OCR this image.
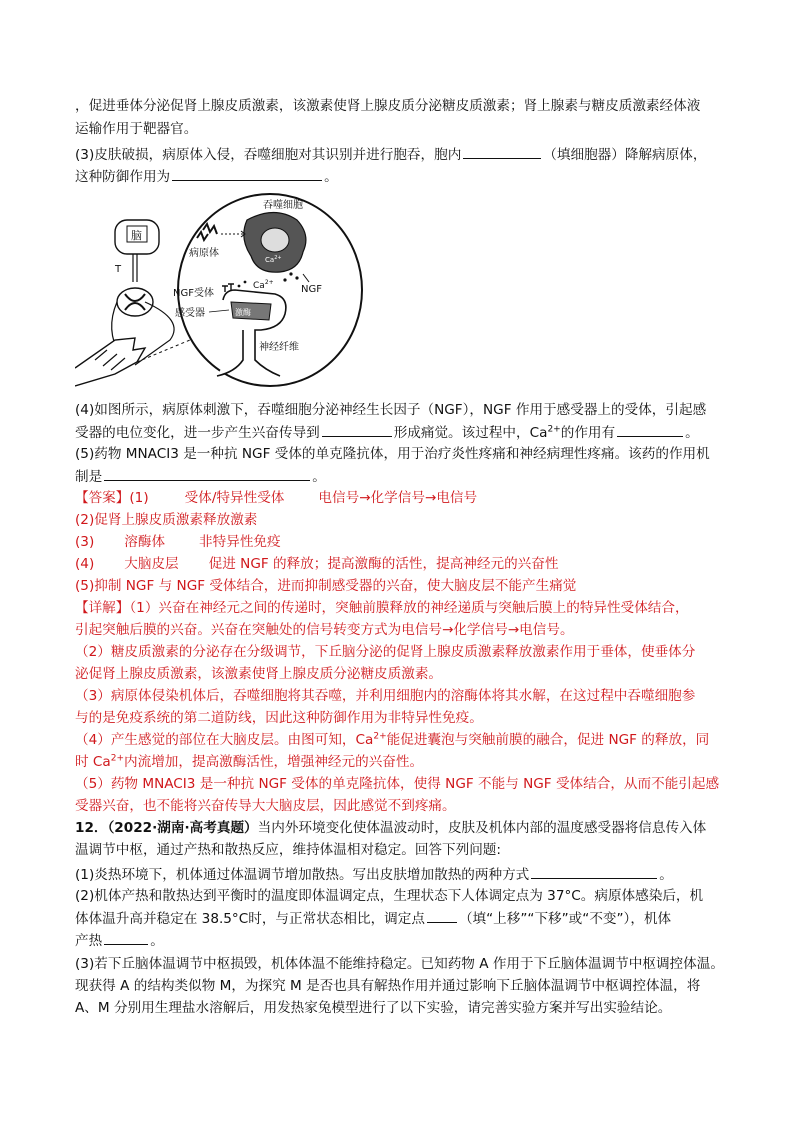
，促进垂体分泌促肾上腺皮质激素，该激素使肾上腺皮质分泌糖皮质激素；肾上腺素与糖皮质激素经体液
运输作用于靶器官。
(3)皮肤破损，病原体入侵，吞噬细胞对其识别并进行胞吞，胞内	（填细胞器）降解病原体，
这种防御作用为	。
脑
T
吞噬细胞
$Ca^{2+}$
病原体
NGF
$Ca^{2+}$
激酶
NGF受体
感受器
神经纤维
(4)如图所示，病原体刺激下，吞噬细胞分泌神经生长因子（NGF），NGF 作用于感受器上的受体，引起感
受器的电位变化，进一步产生兴奋传导到	形成痛觉。该过程中，$Ca^{2+}$的作用有	。
(5)药物 MNACI3 是一种抗 NGF 受体的单克隆抗体，用于治疗炎性疼痛和神经病理性疼痛。该药的作用机
制是	。
【答案】(1)	受体/特异性受体	电信号→化学信号→电信号
(2)促肾上腺皮质激素释放激素
(3) 溶酶体	非特异性免疫
(4) 大脑皮层 促进 NGF 的释放；提高激酶的活性，提高神经元的兴奋性
(5)抑制 NGF 与 NGF 受体结合，进而抑制感受器的兴奋，使大脑皮层不能产生痛觉
【详解】（1）兴奋在神经元之间的传递时，突触前膜释放的神经递质与突触后膜上的特异性受体结合，
引起突触后膜的兴奋。兴奋在突触处的信号转变方式为电信号→化学信号→电信号。
（2）糖皮质激素的分泌存在分级调节，下丘脑分泌的促肾上腺皮质激素释放激素作用于垂体，使垂体分
泌促肾上腺皮质激素，该激素使肾上腺皮质分泌糖皮质激素。
（3）病原体侵染机体后，吞噬细胞将其吞噬，并利用细胞内的溶酶体将其水解，在这过程中吞噬细胞参
与的是免疫系统的第二道防线，因此这种防御作用为非特异性免疫。
（4）产生感觉的部位在大脑皮层。由图可知，$Ca^{2+}$能促进囊泡与突触前膜的融合，促进 NGF 的释放，同
时 $Ca^{2+}$内流增加，提高激酶活性，增强神经元的兴奋性。
（5）药物 MNACI3 是一种抗 NGF 受体的单克隆抗体，使得 NGF 不能与 NGF 受体结合，从而不能引起感
受器兴奋，也不能将兴奋传导大大脑皮层，因此感觉不到疼痛。
12．（2022·湖南·高考真题）当内外环境变化使体温波动时，皮肤及机体内部的温度感受器将信息传入体
温调节中枢，通过产热和散热反应，维持体温相对稳定。回答下列问题:
(1)炎热环境下，机体通过体温调节增加散热。写出皮肤增加散热的两种方式	。
(2)机体产热和散热达到平衡时的温度即体温调定点，生理状态下人体调定点为 37°C。病原体感染后，机
体体温升高并稳定在 38.5°C时，与正常状态相比，调定点	（填“上移”“下移”或“不变”），机体
产热	。
(3)若下丘脑体温调节中枢损毁，机体体温不能维持稳定。已知药物 A 作用于下丘脑体温调节中枢调控体温。
现获得 A 的结构类似物 M，为探究 M 是否也具有解热作用并通过影响下丘脑体温调节中枢调控体温，将
A、M 分别用生理盐水溶解后，用发热家兔模型进行了以下实验，请完善实验方案并写出实验结论。
